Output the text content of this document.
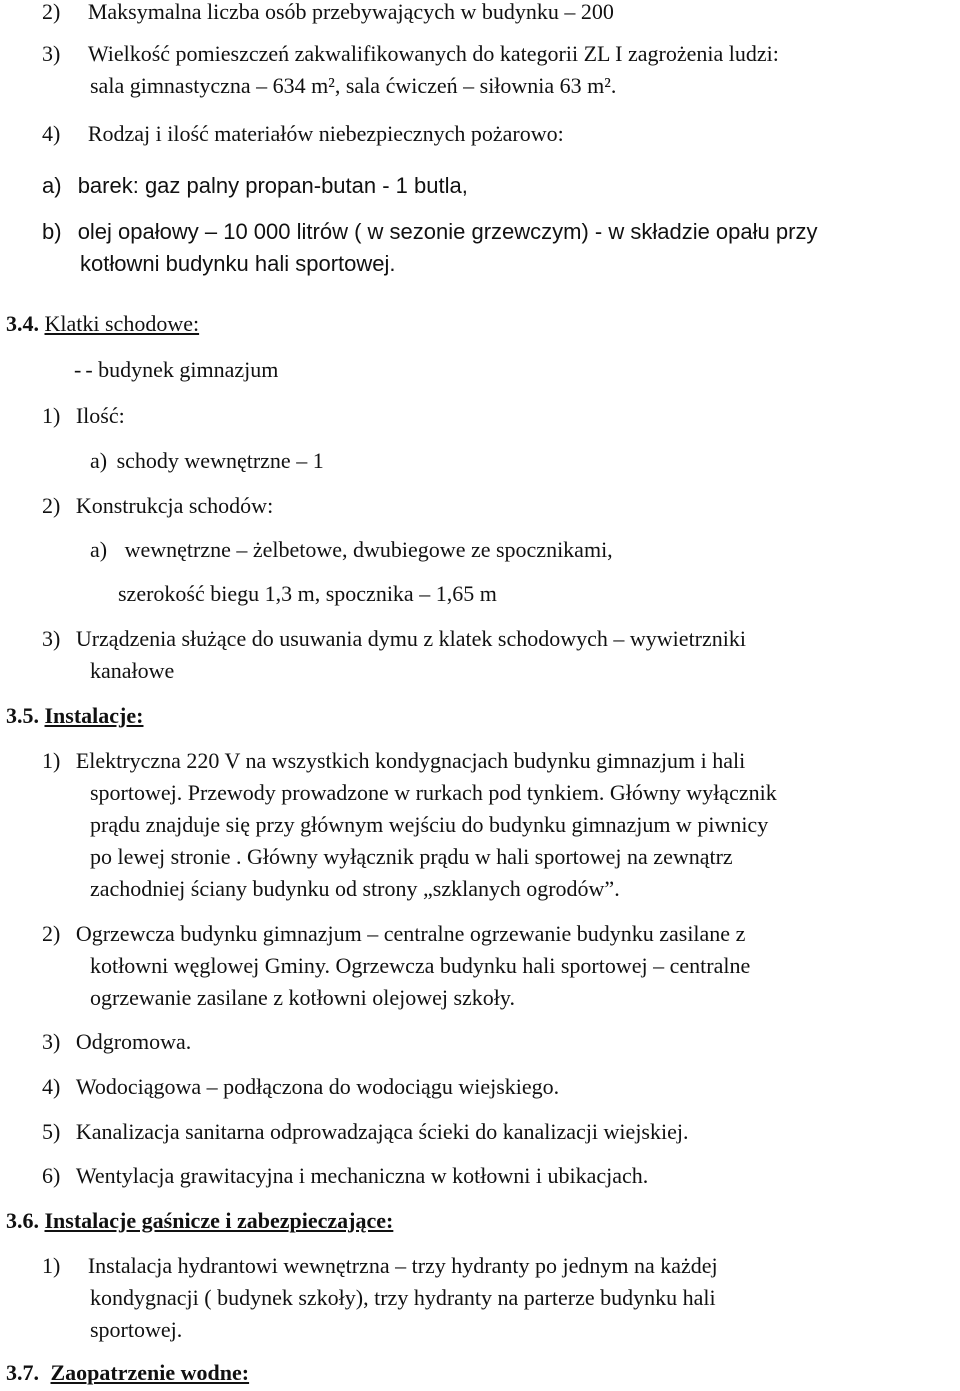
2) Maksymalna liczba osób przebywających w budynku – 200
3) Wielkość pomieszczeń zakwalifikowanych do kategorii ZL I zagrożenia ludzi:
sala gimnastyczna – 634 m², sala ćwiczeń – siłownia 63 m².
4) Rodzaj i ilość materiałów niebezpiecznych pożarowo:
a) barek: gaz palny propan-butan - 1 butla,
b) olej opałowy – 10 000 litrów ( w sezonie grzewczym) - w składzie opału przy
kotłowni budynku hali sportowej.
3.4. Klatki schodowe:
- - budynek gimnazjum
1) Ilość:
a) schody wewnętrzne – 1
2) Konstrukcja schodów:
a) wewnętrzne – żelbetowe, dwubiegowe ze spocznikami,
szerokość biegu 1,3 m, spocznika – 1,65 m
3) Urządzenia służące do usuwania dymu z klatek schodowych – wywietrzniki
kanałowe
3.5. Instalacje:
1) Elektryczna 220 V na wszystkich kondygnacjach budynku gimnazjum i hali
sportowej. Przewody prowadzone w rurkach pod tynkiem. Główny wyłącznik
prądu znajduje się przy głównym wejściu do budynku gimnazjum w piwnicy
po lewej stronie . Główny wyłącznik prądu w hali sportowej na zewnątrz
zachodniej ściany budynku od strony „szklanych ogrodów”.
2) Ogrzewcza budynku gimnazjum – centralne ogrzewanie budynku zasilane z
kotłowni węglowej Gminy. Ogrzewcza budynku hali sportowej – centralne
ogrzewanie zasilane z kotłowni olejowej szkoły.
3) Odgromowa.
4) Wodociągowa – podłączona do wodociągu wiejskiego.
5) Kanalizacja sanitarna odprowadzająca ścieki do kanalizacji wiejskiej.
6) Wentylacja grawitacyjna i mechaniczna w kotłowni i ubikacjach.
3.6. Instalacje gaśnicze i zabezpieczające:
1) Instalacja hydrantowi wewnętrzna – trzy hydranty po jednym na każdej
kondygnacji ( budynek szkoły), trzy hydranty na parterze budynku hali
sportowej.
3.7. Zaopatrzenie wodne:
